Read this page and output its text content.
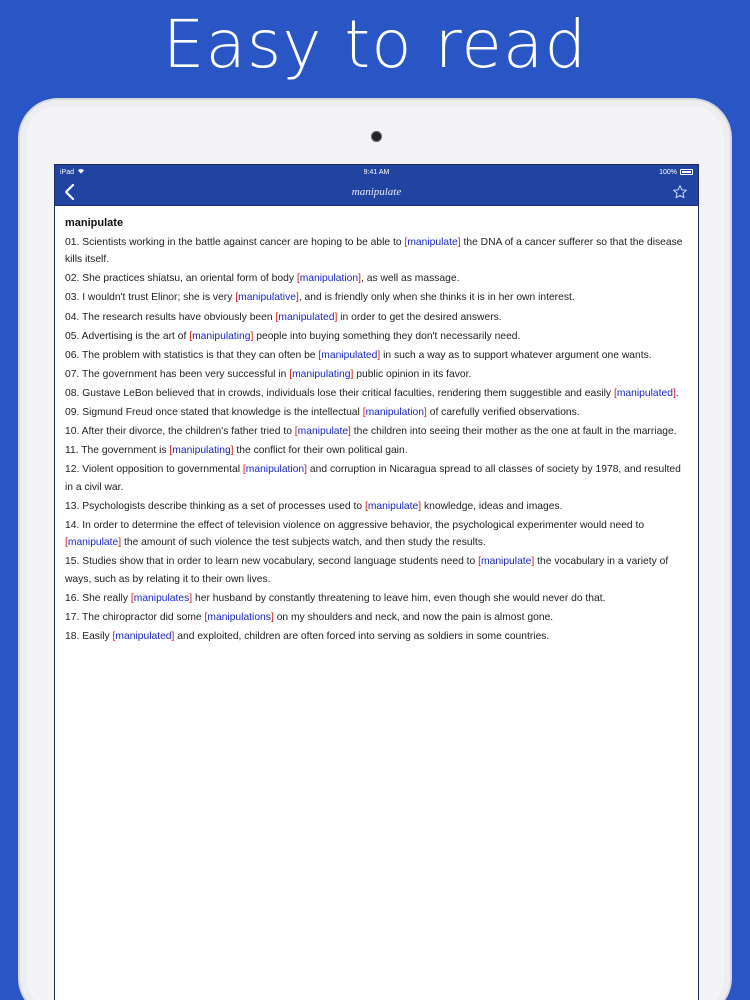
Easy to read
iPad	9:41 AM	100%
manipulate
manipulate
01. Scientists working in the battle against cancer are hoping to be able to [manipulate] the DNA of a cancer sufferer so that the disease kills itself.
02. She practices shiatsu, an oriental form of body [manipulation], as well as massage.
03. I wouldn't trust Elinor; she is very [manipulative], and is friendly only when she thinks it is in her own interest.
04. The research results have obviously been [manipulated] in order to get the desired answers.
05. Advertising is the art of [manipulating] people into buying something they don't necessarily need.
06. The problem with statistics is that they can often be [manipulated] in such a way as to support whatever argument one wants.
07. The government has been very successful in [manipulating] public opinion in its favor.
08. Gustave LeBon believed that in crowds, individuals lose their critical faculties, rendering them suggestible and easily [manipulated].
09. Sigmund Freud once stated that knowledge is the intellectual [manipulation] of carefully verified observations.
10. After their divorce, the children's father tried to [manipulate] the children into seeing their mother as the one at fault in the marriage.
11. The government is [manipulating] the conflict for their own political gain.
12. Violent opposition to governmental [manipulation] and corruption in Nicaragua spread to all classes of society by 1978, and resulted in a civil war.
13. Psychologists describe thinking as a set of processes used to [manipulate] knowledge, ideas and images.
14. In order to determine the effect of television violence on aggressive behavior, the psychological experimenter would need to [manipulate] the amount of such violence the test subjects watch, and then study the results.
15. Studies show that in order to learn new vocabulary, second language students need to [manipulate] the vocabulary in a variety of ways, such as by relating it to their own lives.
16. She really [manipulates] her husband by constantly threatening to leave him, even though she would never do that.
17. The chiropractor did some [manipulations] on my shoulders and neck, and now the pain is almost gone.
18. Easily [manipulated] and exploited, children are often forced into serving as soldiers in some countries.
